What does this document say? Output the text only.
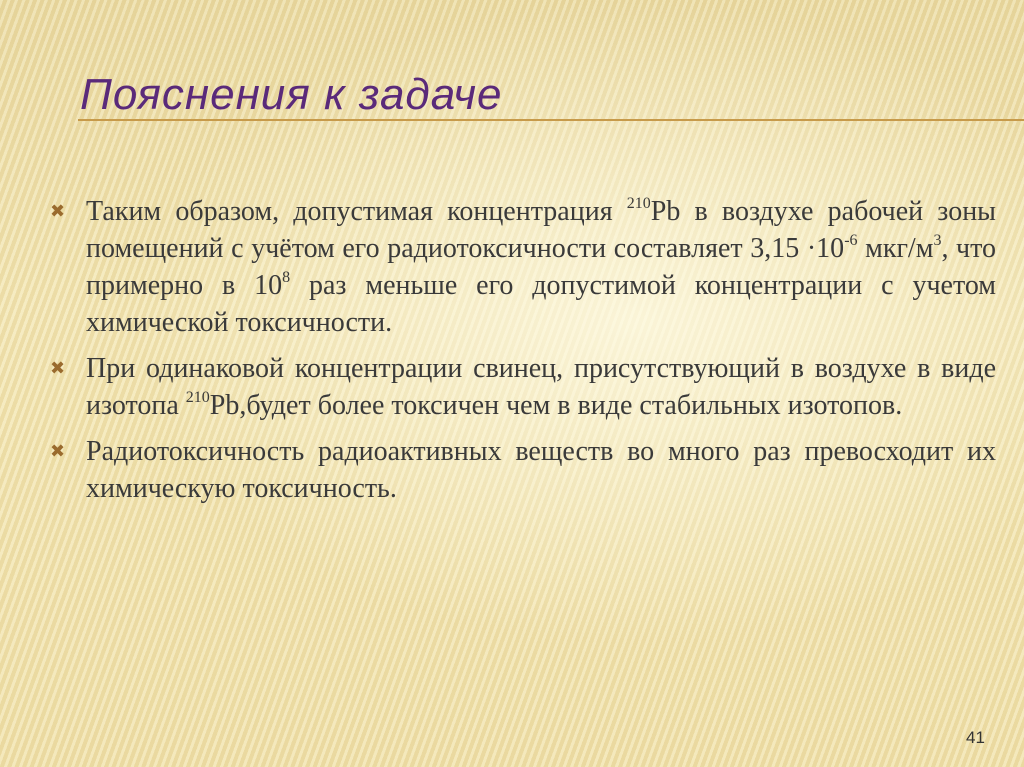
Пояснения к задаче
✖ Таким образом, допустимая концентрация $^{210}$Pb в воздухе рабочей зоны помещений с учётом его радиотоксичности составляет $3,15 \cdot 10^{-6}$ мкг/$м^3$, что примерно в $10^8$ раз меньше его допустимой концентрации с учетом химической токсичности.
✖ При одинаковой концентрации свинец, присутствующий в воздухе в виде изотопа $^{210}$Pb,будет более токсичен чем в виде стабильных изотопов.
✖ Радиотоксичность радиоактивных веществ во много раз превосходит их химическую токсичность.
41
